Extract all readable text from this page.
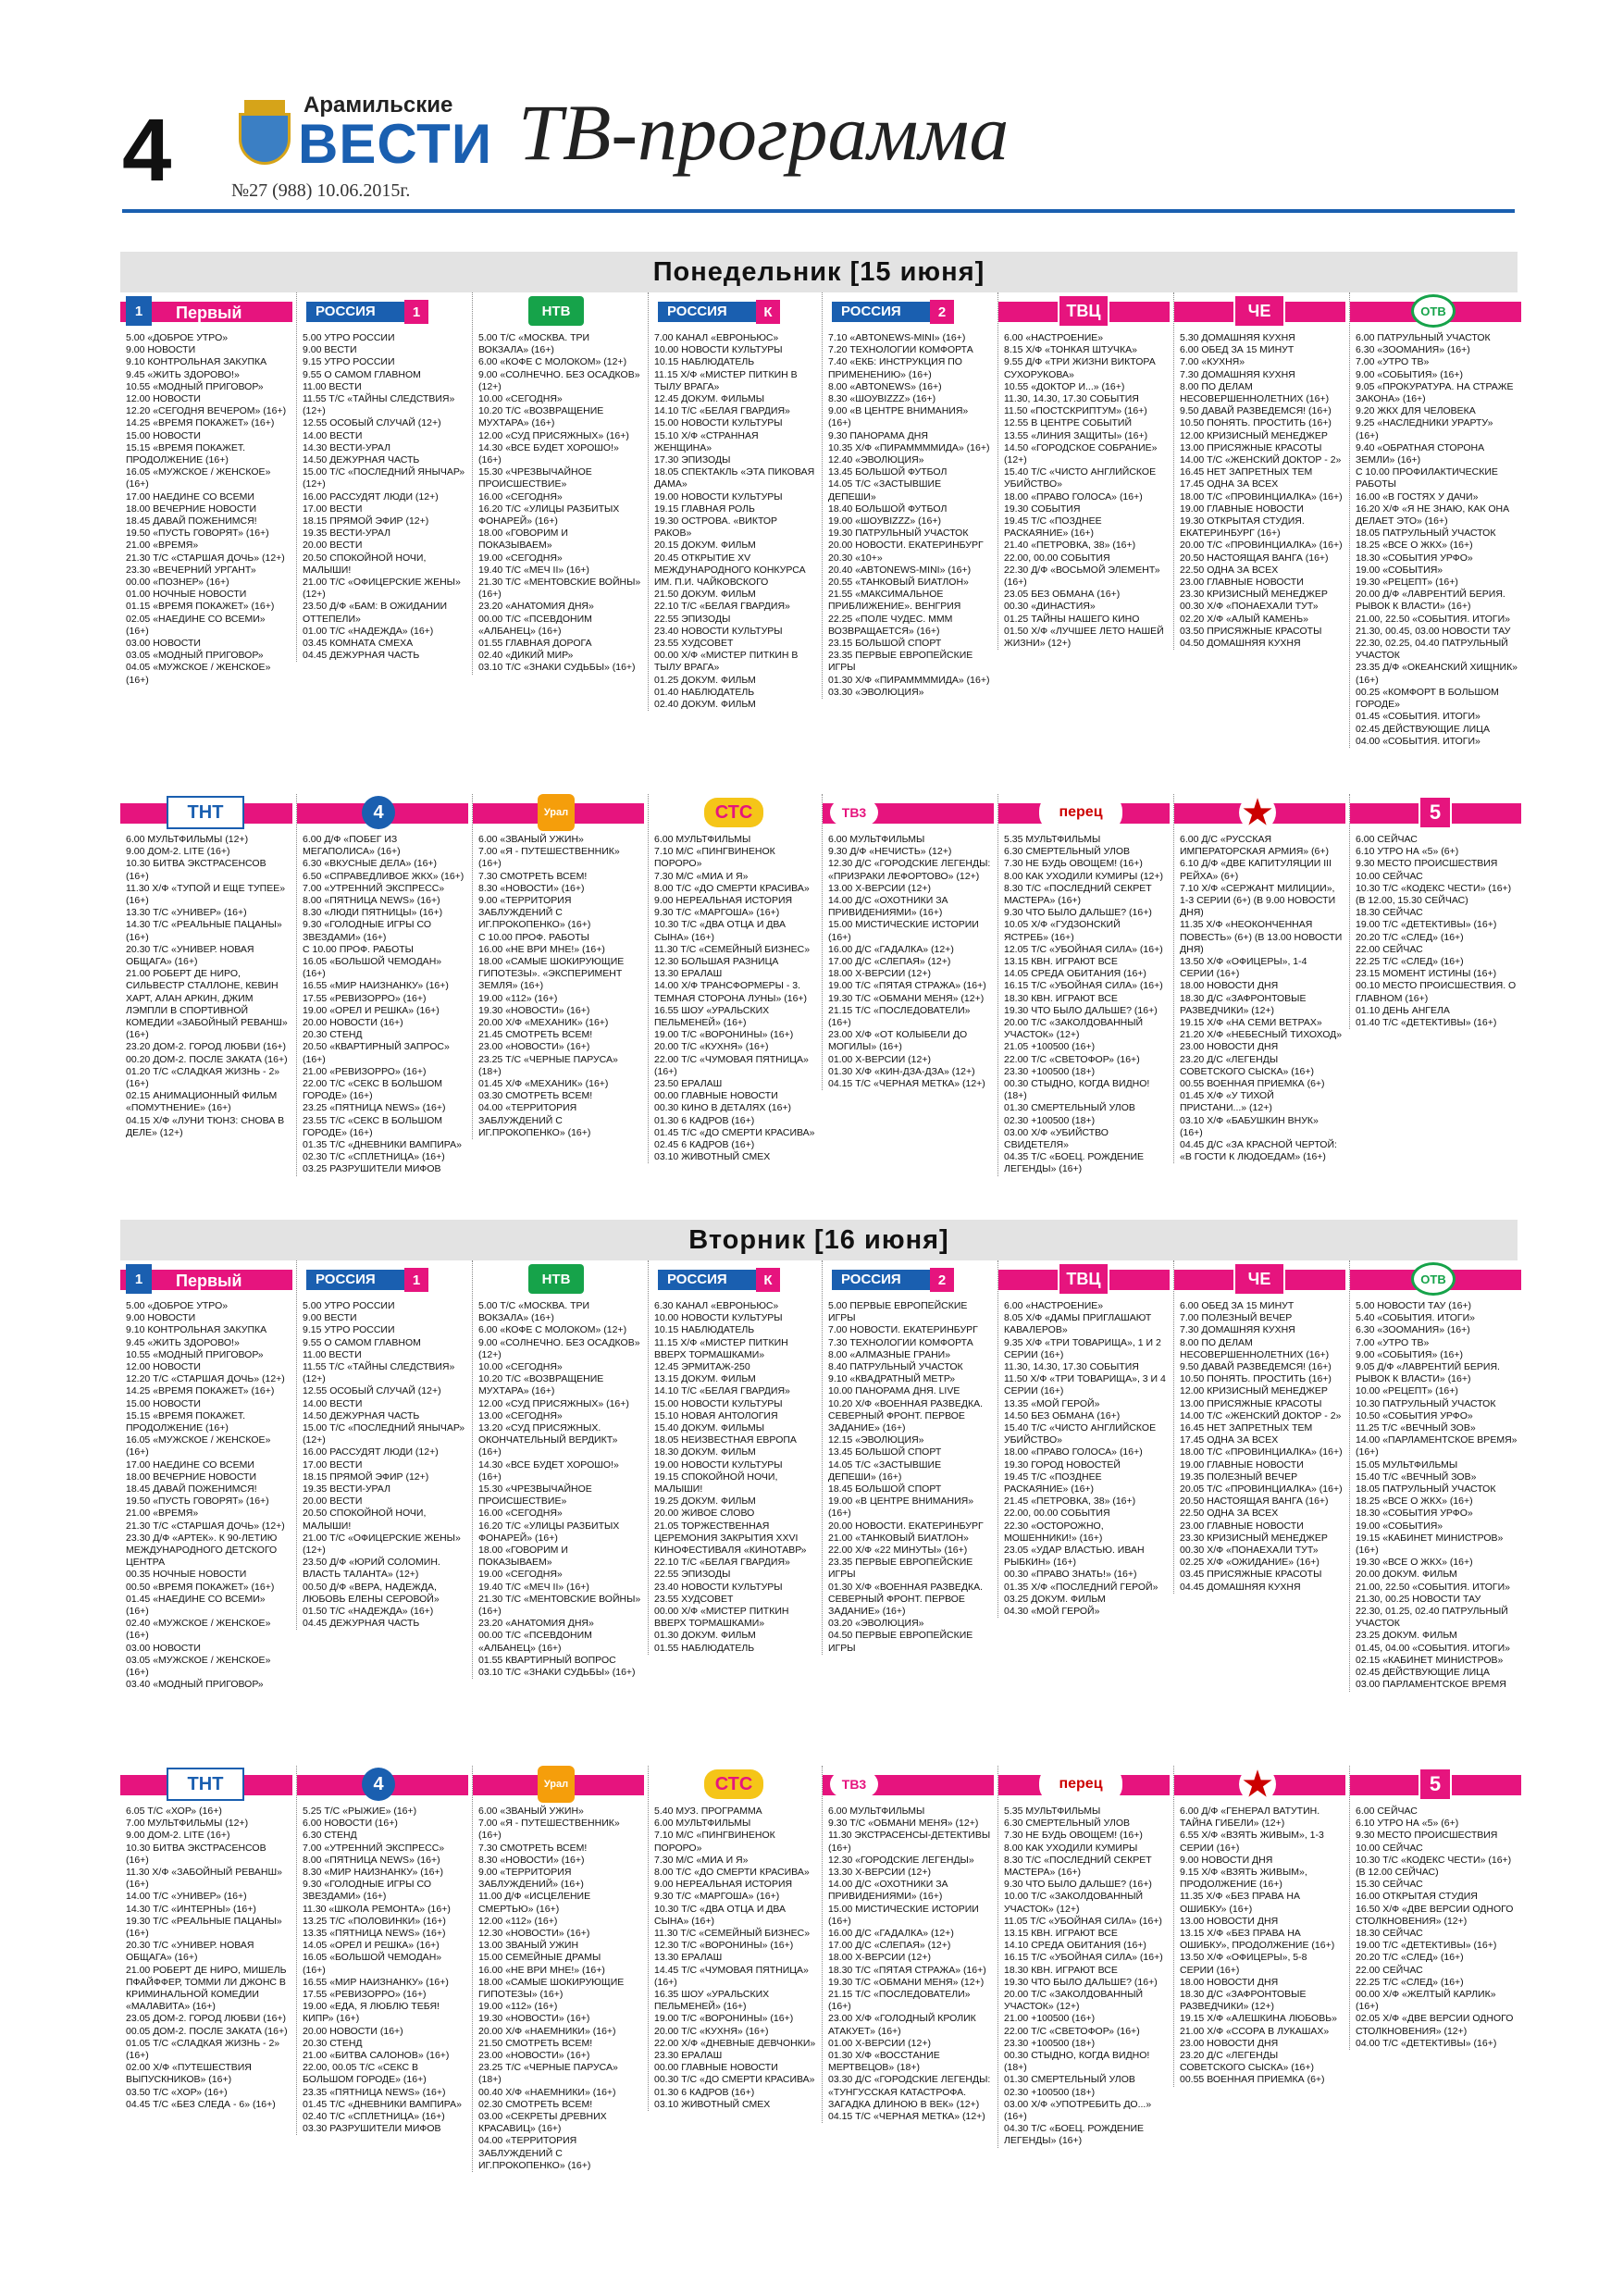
4	Арамильские
ВЕСТИ
№27 (988) 10.06.2015г.
ТВ-программа
Понедельник [15 июня]
1	Первый
5.00 «ДОБРОЕ УТРО»
9.00 НОВОСТИ
9.10 КОНТРОЛЬНАЯ ЗАКУПКА
9.45 «ЖИТЬ ЗДОРОВО!»
10.55 «МОДНЫЙ ПРИГОВОР»
12.00 НОВОСТИ
12.20 «СЕГОДНЯ ВЕЧЕРОМ» (16+)
14.25 «ВРЕМЯ ПОКАЖЕТ» (16+)
15.00 НОВОСТИ
15.15 «ВРЕМЯ ПОКАЖЕТ. ПРОДОЛЖЕНИЕ (16+)
16.05 «МУЖСКОЕ / ЖЕНСКОЕ» (16+)
17.00 НАЕДИНЕ СО ВСЕМИ
18.00 ВЕЧЕРНИЕ НОВОСТИ
18.45 ДАВАЙ ПОЖЕНИМСЯ!
19.50 «ПУСТЬ ГОВОРЯТ» (16+)
21.00 «ВРЕМЯ»
21.30 Т/С «СТАРШАЯ ДОЧЬ» (12+)
23.30 «ВЕЧЕРНИЙ УРГАНТ»
00.00 «ПОЗНЕР» (16+)
01.00 НОЧНЫЕ НОВОСТИ
01.15 «ВРЕМЯ ПОКАЖЕТ» (16+)
02.05 «НАЕДИНЕ СО ВСЕМИ» (16+)
03.00 НОВОСТИ
03.05 «МОДНЫЙ ПРИГОВОР»
04.05 «МУЖСКОЕ / ЖЕНСКОЕ» (16+)
1
РОССИЯ
5.00 УТРО РОССИИ
9.00 ВЕСТИ
9.15 УТРО РОССИИ
9.55 О САМОМ ГЛАВНОМ
11.00 ВЕСТИ
11.55 Т/С «ТАЙНЫ СЛЕДСТВИЯ» (12+)
12.55 ОСОБЫЙ СЛУЧАЙ (12+)
14.00 ВЕСТИ
14.30 ВЕСТИ-УРАЛ
14.50 ДЕЖУРНАЯ ЧАСТЬ
15.00 Т/С «ПОСЛЕДНИЙ ЯНЫЧАР» (12+)
16.00 РАССУДЯТ ЛЮДИ (12+)
17.00 ВЕСТИ
18.15 ПРЯМОЙ ЭФИР (12+)
19.35 ВЕСТИ-УРАЛ
20.00 ВЕСТИ
20.50 СПОКОЙНОЙ НОЧИ, МАЛЫШИ!
21.00 Т/С «ОФИЦЕРСКИЕ ЖЕНЫ» (12+)
23.50 Д/Ф «БАМ: В ОЖИДАНИИ ОТТЕПЕЛИ»
01.00 Т/С «НАДЕЖДА» (16+)
03.45 КОМНАТА СМЕХА
04.45 ДЕЖУРНАЯ ЧАСТЬ
НТВ
5.00 Т/С «МОСКВА. ТРИ ВОКЗАЛА» (16+)
6.00 «КОФЕ С МОЛОКОМ» (12+)
9.00 «СОЛНЕЧНО. БЕЗ ОСАДКОВ» (12+)
10.00 «СЕГОДНЯ»
10.20 Т/С «ВОЗВРАЩЕНИЕ МУХТАРА» (16+)
12.00 «СУД ПРИСЯЖНЫХ» (16+)
14.30 «ВСЕ БУДЕТ ХОРОШО!» (16+)
15.30 «ЧРЕЗВЫЧАЙНОЕ ПРОИСШЕСТВИЕ»
16.00 «СЕГОДНЯ»
16.20 Т/С «УЛИЦЫ РАЗБИТЫХ ФОНАРЕЙ» (16+)
18.00 «ГОВОРИМ И ПОКАЗЫВАЕМ»
19.00 «СЕГОДНЯ»
19.40 Т/С «МЕЧ II» (16+)
21.30 Т/С «МЕНТОВСКИЕ ВОЙНЫ» (16+)
23.20 «АНАТОМИЯ ДНЯ»
00.00 Т/С «ПСЕВДОНИМ «АЛБАНЕЦ» (16+)
01.55 ГЛАВНАЯ ДОРОГА
02.40 «ДИКИЙ МИР»
03.10 Т/С «ЗНАКИ СУДЬБЫ» (16+)
К
РОССИЯ
7.00 КАНАЛ «ЕВРОНЬЮС»
10.00 НОВОСТИ КУЛЬТУРЫ
10.15 НАБЛЮДАТЕЛЬ
11.15 Х/Ф «МИСТЕР ПИТКИН В ТЫЛУ ВРАГА»
12.45 ДОКУМ. ФИЛЬМЫ
14.10 Т/С «БЕЛАЯ ГВАРДИЯ»
15.00 НОВОСТИ КУЛЬТУРЫ
15.10 Х/Ф «СТРАННАЯ ЖЕНЩИНА»
17.30 ЭПИЗОДЫ
18.05 СПЕКТАКЛЬ «ЭТА ПИКОВАЯ ДАМА»
19.00 НОВОСТИ КУЛЬТУРЫ
19.15 ГЛАВНАЯ РОЛЬ
19.30 ОСТРОВА. «ВИКТОР РАКОВ»
20.15 ДОКУМ. ФИЛЬМ
20.45 ОТКРЫТИЕ XV МЕЖДУНАРОДНОГО КОНКУРСА ИМ. П.И. ЧАЙКОВСКОГО
21.50 ДОКУМ. ФИЛЬМ
22.10 Т/С «БЕЛАЯ ГВАРДИЯ»
22.55 ЭПИЗОДЫ
23.40 НОВОСТИ КУЛЬТУРЫ
23.55 ХУДСОВЕТ
00.00 Х/Ф «МИСТЕР ПИТКИН В ТЫЛУ ВРАГА»
01.25 ДОКУМ. ФИЛЬМ
01.40 НАБЛЮДАТЕЛЬ
02.40 ДОКУМ. ФИЛЬМ
2
РОССИЯ
7.10 «ABTONEWS-MINI» (16+)
7.20 ТЕХНОЛОГИИ КОМФОРТА
7.40 «ЕКБ: ИНСТРУКЦИЯ ПО ПРИМЕНЕНИЮ» (16+)
8.00 «ABTONEWS» (16+)
8.30 «ШОУBIZZZ» (16+)
9.00 «В ЦЕНТРЕ ВНИМАНИЯ» (16+)
9.30 ПАНОРАМА ДНЯ
10.35 Х/Ф «ПИРАММММИДА» (16+)
12.40 «ЭВОЛЮЦИЯ»
13.45 БОЛЬШОЙ ФУТБОЛ
14.05 Т/С «ЗАСТЫВШИЕ ДЕПЕШИ»
18.40 БОЛЬШОЙ ФУТБОЛ
19.00 «ШОУBIZZZ» (16+)
19.30 ПАТРУЛЬНЫЙ УЧАСТОК
20.00 НОВОСТИ. ЕКАТЕРИНБУРГ
20.30 «10+»
20.40 «ABTONEWS-MINI» (16+)
20.55 «ТАНКОВЫЙ БИАТЛОН»
21.55 «МАКСИМАЛЬНОЕ ПРИБЛИЖЕНИЕ». ВЕНГРИЯ
22.25 «ПОЛЕ ЧУДЕС. МММ ВОЗВРАЩАЕТСЯ» (16+)
23.15 БОЛЬШОЙ СПОРТ
23.35 ПЕРВЫЕ ЕВРОПЕЙСКИЕ ИГРЫ
01.30 Х/Ф «ПИРАММММИДА» (16+)
03.30 «ЭВОЛЮЦИЯ»
ТВЦ
6.00 «НАСТРОЕНИЕ»
8.15 Х/Ф «ТОНКАЯ ШТУЧКА»
9.55 Д/Ф «ТРИ ЖИЗНИ ВИКТОРА СУХОРУКОВА»
10.55 «ДОКТОР И...» (16+)
11.30, 14.30, 17.30 СОБЫТИЯ
11.50 «ПОСТСКРИПТУМ» (16+)
12.55 В ЦЕНТРЕ СОБЫТИЙ
13.55 «ЛИНИЯ ЗАЩИТЫ» (16+)
14.50 «ГОРОДСКОЕ СОБРАНИЕ» (12+)
15.40 Т/С «ЧИСТО АНГЛИЙСКОЕ УБИЙСТВО»
18.00 «ПРАВО ГОЛОСА» (16+)
19.30 СОБЫТИЯ
19.45 Т/С «ПОЗДНЕЕ РАСКАЯНИЕ» (16+)
21.40 «ПЕТРОВКА, 38» (16+)
22.00, 00.00 СОБЫТИЯ
22.30 Д/Ф «ВОСЬМОЙ ЭЛЕМЕНТ» (16+)
23.05 БЕЗ ОБМАНА (16+)
00.30 «ДИНАСТИЯ»
01.25 ТАЙНЫ НАШЕГО КИНО
01.50 Х/Ф «ЛУЧШЕЕ ЛЕТО НАШЕЙ ЖИЗНИ» (12+)
ЧЕ
5.30 ДОМАШНЯЯ КУХНЯ
6.00 ОБЕД ЗА 15 МИНУТ
7.00 «КУХНЯ»
7.30 ДОМАШНЯЯ КУХНЯ
8.00 ПО ДЕЛАМ НЕСОВЕРШЕННОЛЕТНИХ (16+)
9.50 ДАВАЙ РАЗВЕДЕМСЯ! (16+)
10.50 ПОНЯТЬ. ПРОСТИТЬ (16+)
12.00 КРИЗИСНЫЙ МЕНЕДЖЕР
13.00 ПРИСЯЖНЫЕ КРАСОТЫ
14.00 Т/С «ЖЕНСКИЙ ДОКТОР - 2»
16.45 НЕТ ЗАПРЕТНЫХ ТЕМ
17.45 ОДНА ЗА ВСЕХ
18.00 Т/С «ПРОВИНЦИАЛКА» (16+)
19.00 ГЛАВНЫЕ НОВОСТИ
19.30 ОТКРЫТАЯ СТУДИЯ. ЕКАТЕРИНБУРГ (16+)
20.00 Т/С «ПРОВИНЦИАЛКА» (16+)
20.50 НАСТОЯЩАЯ ВАНГА (16+)
22.50 ОДНА ЗА ВСЕХ
23.00 ГЛАВНЫЕ НОВОСТИ
23.30 КРИЗИСНЫЙ МЕНЕДЖЕР
00.30 Х/Ф «ПОНАЕХАЛИ ТУТ»
02.20 Х/Ф «АЛЫЙ КАМЕНЬ»
03.50 ПРИСЯЖНЫЕ КРАСОТЫ
04.50 ДОМАШНЯЯ КУХНЯ
ОТВ
6.00 ПАТРУЛЬНЫЙ УЧАСТОК
6.30 «ЗООМАНИЯ» (16+)
7.00 «УТРО ТВ»
9.00 «СОБЫТИЯ» (16+)
9.05 «ПРОКУРАТУРА. НА СТРАЖЕ ЗАКОНА» (16+)
9.20 ЖКХ ДЛЯ ЧЕЛОВЕКА
9.25 «НАСЛЕДНИКИ УРАРТУ» (16+)
9.40 «ОБРАТНАЯ СТОРОНА ЗЕМЛИ» (16+)
С 10.00 ПРОФИЛАКТИЧЕСКИЕ РАБОТЫ
16.00 «В ГОСТЯХ У ДАЧИ»
16.20 Х/Ф «Я НЕ ЗНАЮ, КАК ОНА ДЕЛАЕТ ЭТО» (16+)
18.05 ПАТРУЛЬНЫЙ УЧАСТОК
18.25 «ВСЕ О ЖКХ» (16+)
18.30 «СОБЫТИЯ УРФО»
19.00 «СОБЫТИЯ»
19.30 «РЕЦЕПТ» (16+)
20.00 Д/Ф «ЛАВРЕНТИЙ БЕРИЯ. РЫВОК К ВЛАСТИ» (16+)
21.00, 22.50 «СОБЫТИЯ. ИТОГИ»
21.30, 00.45, 03.00 НОВОСТИ ТАУ
22.30, 02.25, 04.40 ПАТРУЛЬНЫЙ УЧАСТОК
23.35 Д/Ф «ОКЕАНСКИЙ ХИЩНИК» (16+)
00.25 «КОМФОРТ В БОЛЬШОМ ГОРОДЕ»
01.45 «СОБЫТИЯ. ИТОГИ»
02.45 ДЕЙСТВУЮЩИЕ ЛИЦА
04.00 «СОБЫТИЯ. ИТОГИ»
ТНТ
6.00 МУЛЬТФИЛЬМЫ (12+)
9.00 ДОМ-2. LITE (16+)
10.30 БИТВА ЭКСТРАСЕНСОВ (16+)
11.30 Х/Ф «ТУПОЙ И ЕЩЕ ТУПЕЕ» (16+)
13.30 Т/С «УНИВЕР» (16+)
14.30 Т/С «РЕАЛЬНЫЕ ПАЦАНЫ» (16+)
20.30 Т/С «УНИВЕР. НОВАЯ ОБЩАГА» (16+)
21.00 РОБЕРТ ДЕ НИРО, СИЛЬВЕСТР СТАЛЛОНЕ, КЕВИН ХАРТ, АЛАН АРКИН, ДЖИМ ЛЭМПЛИ В СПОРТИВНОЙ КОМЕДИИ «ЗАБОЙНЫЙ РЕВАНШ» (16+)
23.20 ДОМ-2. ГОРОД ЛЮБВИ (16+)
00.20 ДОМ-2. ПОСЛЕ ЗАКАТА (16+)
01.20 Т/С «СЛАДКАЯ ЖИЗНЬ - 2» (16+)
02.15 АНИМАЦИОННЫЙ ФИЛЬМ «ПОМУТНЕНИЕ» (16+)
04.15 Х/Ф «ЛУНИ ТЮНЗ: СНОВА В ДЕЛЕ» (12+)
4
6.00 Д/Ф «ПОБЕГ ИЗ МЕГАПОЛИСА» (16+)
6.30 «ВКУСНЫЕ ДЕЛА» (16+)
6.50 «СПРАВЕДЛИВОЕ ЖКХ» (16+)
7.00 «УТРЕННИЙ ЭКСПРЕСС»
8.00 «ПЯТНИЦА NEWS» (16+)
8.30 «ЛЮДИ ПЯТНИЦЫ» (16+)
9.30 «ГОЛОДНЫЕ ИГРЫ СО ЗВЕЗДАМИ» (16+)
С 10.00 ПРОФ. РАБОТЫ
16.05 «БОЛЬШОЙ ЧЕМОДАН» (16+)
16.55 «МИР НАИЗНАНКУ» (16+)
17.55 «РЕВИЗОРРО» (16+)
19.00 «ОРЕЛ И РЕШКА» (16+)
20.00 НОВОСТИ (16+)
20.30 СТЕНД
20.50 «КВАРТИРНЫЙ ЗАПРОС» (16+)
21.00 «РЕВИЗОРРО» (16+)
22.00 Т/С «СЕКС В БОЛЬШОМ ГОРОДЕ» (16+)
23.25 «ПЯТНИЦА NEWS» (16+)
23.55 Т/С «СЕКС В БОЛЬШОМ ГОРОДЕ» (16+)
01.35 Т/С «ДНЕВНИКИ ВАМПИРА»
02.30 Т/С «СПЛЕТНИЦА» (16+)
03.25 РАЗРУШИТЕЛИ МИФОВ
Урал
6.00 «ЗВАНЫЙ УЖИН»
7.00 «Я - ПУТЕШЕСТВЕННИК» (16+)
7.30 СМОТРЕТЬ ВСЕМ!
8.30 «НОВОСТИ» (16+)
9.00 «ТЕРРИТОРИЯ ЗАБЛУЖДЕНИЙ С ИГ.ПРОКОПЕНКО» (16+)
С 10.00 ПРОФ. РАБОТЫ
16.00 «НЕ ВРИ МНЕ!» (16+)
18.00 «САМЫЕ ШОКИРУЮЩИЕ ГИПОТЕЗЫ». «ЭКСПЕРИМЕНТ ЗЕМЛЯ» (16+)
19.00 «112» (16+)
19.30 «НОВОСТИ» (16+)
20.00 Х/Ф «МЕХАНИК» (16+)
21.45 СМОТРЕТЬ ВСЕМ!
23.00 «НОВОСТИ» (16+)
23.25 Т/С «ЧЕРНЫЕ ПАРУСА» (18+)
01.45 Х/Ф «МЕХАНИК» (16+)
03.30 СМОТРЕТЬ ВСЕМ!
04.00 «ТЕРРИТОРИЯ ЗАБЛУЖДЕНИЙ С ИГ.ПРОКОПЕНКО» (16+)
СТС
6.00 МУЛЬТФИЛЬМЫ
7.10 М/С «ПИНГВИНЕНОК ПОРОРО»
7.30 М/С «МИА И Я»
8.00 Т/С «ДО СМЕРТИ КРАСИВА»
9.00 НЕРЕАЛЬНАЯ ИСТОРИЯ
9.30 Т/С «МАРГОША» (16+)
10.30 Т/С «ДВА ОТЦА И ДВА СЫНА» (16+)
11.30 Т/С «СЕМЕЙНЫЙ БИЗНЕС»
12.30 БОЛЬШАЯ РАЗНИЦА
13.30 ЕРАЛАШ
14.00 Х/Ф ТРАНСФОРМЕРЫ - 3. ТЕМНАЯ СТОРОНА ЛУНЫ» (16+)
16.55 ШОУ «УРАЛЬСКИХ ПЕЛЬМЕНЕЙ» (16+)
19.00 Т/С «ВОРОНИНЫ» (16+)
20.00 Т/С «КУХНЯ» (16+)
22.00 Т/С «ЧУМОВАЯ ПЯТНИЦА» (16+)
23.50 ЕРАЛАШ
00.00 ГЛАВНЫЕ НОВОСТИ
00.30 КИНО В ДЕТАЛЯХ (16+)
01.30 6 КАДРОВ (16+)
01.45 Т/С «ДО СМЕРТИ КРАСИВА»
02.45 6 КАДРОВ (16+)
03.10 ЖИВОТНЫЙ СМЕХ
ТВ3
6.00 МУЛЬТФИЛЬМЫ
9.30 Д/Ф «НЕЧИСТЬ» (12+)
12.30 Д/С «ГОРОДСКИЕ ЛЕГЕНДЫ: «ПРИЗРАКИ ЛЕФОРТОВО» (12+)
13.00 Х-ВЕРСИИ (12+)
14.00 Д/С «ОХОТНИКИ ЗА ПРИВИДЕНИЯМИ» (16+)
15.00 МИСТИЧЕСКИЕ ИСТОРИИ (16+)
16.00 Д/С «ГАДАЛКА» (12+)
17.00 Д/С «СЛЕПАЯ» (12+)
18.00 Х-ВЕРСИИ (12+)
19.00 Т/С «ПЯТАЯ СТРАЖА» (16+)
19.30 Т/С «ОБМАНИ МЕНЯ» (12+)
21.15 Т/С «ПОСЛЕДОВАТЕЛИ» (16+)
23.00 Х/Ф «ОТ КОЛЫБЕЛИ ДО МОГИЛЫ» (16+)
01.00 Х-ВЕРСИИ (12+)
01.30 Х/Ф «КИН-ДЗА-ДЗА» (12+)
04.15 Т/С «ЧЕРНАЯ МЕТКА» (12+)
перец
5.35 МУЛЬТФИЛЬМЫ
6.30 СМЕРТЕЛЬНЫЙ УЛОВ
7.30 НЕ БУДЬ ОВОЩЕМ! (16+)
8.00 КАК УХОДИЛИ КУМИРЫ (12+)
8.30 Т/С «ПОСЛЕДНИЙ СЕКРЕТ МАСТЕРА» (16+)
9.30 ЧТО БЫЛО ДАЛЬШЕ? (16+)
10.05 Х/Ф «ГУДЗОНСКИЙ ЯСТРЕБ» (16+)
12.05 Т/С «УБОЙНАЯ СИЛА» (16+)
13.15 КВН. ИГРАЮТ ВСЕ
14.05 СРЕДА ОБИТАНИЯ (16+)
16.15 Т/С «УБОЙНАЯ СИЛА» (16+)
18.30 КВН. ИГРАЮТ ВСЕ
19.30 ЧТО БЫЛО ДАЛЬШЕ? (16+)
20.00 Т/С «ЗАКОЛДОВАННЫЙ УЧАСТОК» (12+)
21.05 +100500 (16+)
22.00 Т/С «СВЕТОФОР» (16+)
23.30 +100500 (18+)
00.30 СТЫДНО, КОГДА ВИДНО! (18+)
01.30 СМЕРТЕЛЬНЫЙ УЛОВ
02.30 +100500 (18+)
03.00 Х/Ф «УБИЙСТВО СВИДЕТЕЛЯ»
04.35 Т/С «БОЕЦ. РОЖДЕНИЕ ЛЕГЕНДЫ» (16+)
★
6.00 Д/С «РУССКАЯ ИМПЕРАТОРСКАЯ АРМИЯ» (6+)
6.10 Д/Ф «ДВЕ КАПИТУЛЯЦИИ III РЕЙХА» (6+)
7.10 Х/Ф «СЕРЖАНТ МИЛИЦИИ», 1-3 СЕРИИ (6+) (В 9.00 НОВОСТИ ДНЯ)
11.35 Х/Ф «НЕОКОНЧЕННАЯ ПОВЕСТЬ» (6+) (В 13.00 НОВОСТИ ДНЯ)
13.50 Х/Ф «ОФИЦЕРЫ», 1-4 СЕРИИ (16+)
18.00 НОВОСТИ ДНЯ
18.30 Д/С «ЗАФРОНТОВЫЕ РАЗВЕДЧИКИ» (12+)
19.15 Х/Ф «НА СЕМИ ВЕТРАХ»
21.20 Х/Ф «НЕБЕСНЫЙ ТИХОХОД»
23.00 НОВОСТИ ДНЯ
23.20 Д/С «ЛЕГЕНДЫ СОВЕТСКОГО СЫСКА» (16+)
00.55 ВОЕННАЯ ПРИЕМКА (6+)
01.45 Х/Ф «У ТИХОЙ ПРИСТАНИ...» (12+)
03.10 Х/Ф «БАБУШКИН ВНУК» (16+)
04.45 Д/С «ЗА КРАСНОЙ ЧЕРТОЙ: «В ГОСТИ К ЛЮДОЕДАМ» (16+)
5
6.00 СЕЙЧАС
6.10 УТРО НА «5» (6+)
9.30 МЕСТО ПРОИСШЕСТВИЯ
10.00 СЕЙЧАС
10.30 Т/С «КОДЕКС ЧЕСТИ» (16+) (В 12.00, 15.30 СЕЙЧАС)
18.30 СЕЙЧАС
19.00 Т/С «ДЕТЕКТИВЫ» (16+)
20.20 Т/С «СЛЕД» (16+)
22.00 СЕЙЧАС
22.25 Т/С «СЛЕД» (16+)
23.15 МОМЕНТ ИСТИНЫ (16+)
00.10 МЕСТО ПРОИСШЕСТВИЯ. О ГЛАВНОМ (16+)
01.10 ДЕНЬ АНГЕЛА
01.40 Т/С «ДЕТЕКТИВЫ» (16+)
Вторник [16 июня]
1	Первый
5.00 «ДОБРОЕ УТРО»
9.00 НОВОСТИ
9.10 КОНТРОЛЬНАЯ ЗАКУПКА
9.45 «ЖИТЬ ЗДОРОВО!»
10.55 «МОДНЫЙ ПРИГОВОР»
12.00 НОВОСТИ
12.20 Т/С «СТАРШАЯ ДОЧЬ» (12+)
14.25 «ВРЕМЯ ПОКАЖЕТ» (16+)
15.00 НОВОСТИ
15.15 «ВРЕМЯ ПОКАЖЕТ. ПРОДОЛЖЕНИЕ (16+)
16.05 «МУЖСКОЕ / ЖЕНСКОЕ» (16+)
17.00 НАЕДИНЕ СО ВСЕМИ
18.00 ВЕЧЕРНИЕ НОВОСТИ
18.45 ДАВАЙ ПОЖЕНИМСЯ!
19.50 «ПУСТЬ ГОВОРЯТ» (16+)
21.00 «ВРЕМЯ»
21.30 Т/С «СТАРШАЯ ДОЧЬ» (12+)
23.30 Д/Ф «АРТЕК». К 90-ЛЕТИЮ МЕЖДУНАРОДНОГО ДЕТСКОГО ЦЕНТРА
00.35 НОЧНЫЕ НОВОСТИ
00.50 «ВРЕМЯ ПОКАЖЕТ» (16+)
01.45 «НАЕДИНЕ СО ВСЕМИ» (16+)
02.40 «МУЖСКОЕ / ЖЕНСКОЕ» (16+)
03.00 НОВОСТИ
03.05 «МУЖСКОЕ / ЖЕНСКОЕ» (16+)
03.40 «МОДНЫЙ ПРИГОВОР»
1
РОССИЯ
5.00 УТРО РОССИИ
9.00 ВЕСТИ
9.15 УТРО РОССИИ
9.55 О САМОМ ГЛАВНОМ
11.00 ВЕСТИ
11.55 Т/С «ТАЙНЫ СЛЕДСТВИЯ» (12+)
12.55 ОСОБЫЙ СЛУЧАЙ (12+)
14.00 ВЕСТИ
14.50 ДЕЖУРНАЯ ЧАСТЬ
15.00 Т/С «ПОСЛЕДНИЙ ЯНЫЧАР» (12+)
16.00 РАССУДЯТ ЛЮДИ (12+)
17.00 ВЕСТИ
18.15 ПРЯМОЙ ЭФИР (12+)
19.35 ВЕСТИ-УРАЛ
20.00 ВЕСТИ
20.50 СПОКОЙНОЙ НОЧИ, МАЛЫШИ!
21.00 Т/С «ОФИЦЕРСКИЕ ЖЕНЫ» (12+)
23.50 Д/Ф «ЮРИЙ СОЛОМИН. ВЛАСТЬ ТАЛАНТА» (12+)
00.50 Д/Ф «ВЕРА, НАДЕЖДА, ЛЮБОВЬ ЕЛЕНЫ СЕРОВОЙ»
01.50 Т/С «НАДЕЖДА» (16+)
04.45 ДЕЖУРНАЯ ЧАСТЬ
НТВ
5.00 Т/С «МОСКВА. ТРИ ВОКЗАЛА» (16+)
6.00 «КОФЕ С МОЛОКОМ» (12+)
9.00 «СОЛНЕЧНО. БЕЗ ОСАДКОВ» (12+)
10.00 «СЕГОДНЯ»
10.20 Т/С «ВОЗВРАЩЕНИЕ МУХТАРА» (16+)
12.00 «СУД ПРИСЯЖНЫХ» (16+)
13.00 «СЕГОДНЯ»
13.20 «СУД ПРИСЯЖНЫХ. ОКОНЧАТЕЛЬНЫЙ ВЕРДИКТ» (16+)
14.30 «ВСЕ БУДЕТ ХОРОШО!» (16+)
15.30 «ЧРЕЗВЫЧАЙНОЕ ПРОИСШЕСТВИЕ»
16.00 «СЕГОДНЯ»
16.20 Т/С «УЛИЦЫ РАЗБИТЫХ ФОНАРЕЙ» (16+)
18.00 «ГОВОРИМ И ПОКАЗЫВАЕМ»
19.00 «СЕГОДНЯ»
19.40 Т/С «МЕЧ II» (16+)
21.30 Т/С «МЕНТОВСКИЕ ВОЙНЫ» (16+)
23.20 «АНАТОМИЯ ДНЯ»
00.00 Т/С «ПСЕВДОНИМ «АЛБАНЕЦ» (16+)
01.55 КВАРТИРНЫЙ ВОПРОС
03.10 Т/С «ЗНАКИ СУДЬБЫ» (16+)
К
РОССИЯ
6.30 КАНАЛ «ЕВРОНЬЮС»
10.00 НОВОСТИ КУЛЬТУРЫ
10.15 НАБЛЮДАТЕЛЬ
11.15 Х/Ф «МИСТЕР ПИТКИН ВВЕРХ ТОРМАШКАМИ»
12.45 ЭРМИТАЖ-250
13.15 ДОКУМ. ФИЛЬМ
14.10 Т/С «БЕЛАЯ ГВАРДИЯ»
15.00 НОВОСТИ КУЛЬТУРЫ
15.10 НОВАЯ АНТОЛОГИЯ
15.40 ДОКУМ. ФИЛЬМЫ
18.05 НЕИЗВЕСТНАЯ ЕВРОПА
18.30 ДОКУМ. ФИЛЬМ
19.00 НОВОСТИ КУЛЬТУРЫ
19.15 СПОКОЙНОЙ НОЧИ, МАЛЫШИ!
19.25 ДОКУМ. ФИЛЬМ
20.00 ЖИВОЕ СЛОВО
21.05 ТОРЖЕСТВЕННАЯ ЦЕРЕМОНИЯ ЗАКРЫТИЯ XXVI КИНОФЕСТИВАЛЯ «КИНОТАВР»
22.10 Т/С «БЕЛАЯ ГВАРДИЯ»
22.55 ЭПИЗОДЫ
23.40 НОВОСТИ КУЛЬТУРЫ
23.55 ХУДСОВЕТ
00.00 Х/Ф «МИСТЕР ПИТКИН ВВЕРХ ТОРМАШКАМИ»
01.30 ДОКУМ. ФИЛЬМ
01.55 НАБЛЮДАТЕЛЬ
2
РОССИЯ
5.00 ПЕРВЫЕ ЕВРОПЕЙСКИЕ ИГРЫ
7.00 НОВОСТИ. ЕКАТЕРИНБУРГ
7.30 ТЕХНОЛОГИИ КОМФОРТА
8.00 «АЛМАЗНЫЕ ГРАНИ»
8.40 ПАТРУЛЬНЫЙ УЧАСТОК
9.10 «КВАДРАТНЫЙ МЕТР»
10.00 ПАНОРАМА ДНЯ. LIVE
10.20 Х/Ф «ВОЕННАЯ РАЗВЕДКА. СЕВЕРНЫЙ ФРОНТ. ПЕРВОЕ ЗАДАНИЕ» (16+)
12.15 «ЭВОЛЮЦИЯ»
13.45 БОЛЬШОЙ СПОРТ
14.05 Т/С «ЗАСТЫВШИЕ ДЕПЕШИ» (16+)
18.45 БОЛЬШОЙ СПОРТ
19.00 «В ЦЕНТРЕ ВНИМАНИЯ» (16+)
20.00 НОВОСТИ. ЕКАТЕРИНБУРГ
21.00 «ТАНКОВЫЙ БИАТЛОН»
22.00 Х/Ф «22 МИНУТЫ» (16+)
23.35 ПЕРВЫЕ ЕВРОПЕЙСКИЕ ИГРЫ
01.30 Х/Ф «ВОЕННАЯ РАЗВЕДКА. СЕВЕРНЫЙ ФРОНТ. ПЕРВОЕ ЗАДАНИЕ» (16+)
03.20 «ЭВОЛЮЦИЯ»
04.50 ПЕРВЫЕ ЕВРОПЕЙСКИЕ ИГРЫ
ТВЦ
6.00 «НАСТРОЕНИЕ»
8.05 Х/Ф «ДАМЫ ПРИГЛАШАЮТ КАВАЛЕРОВ»
9.35 Х/Ф «ТРИ ТОВАРИЩА», 1 И 2 СЕРИИ (16+)
11.30, 14.30, 17.30 СОБЫТИЯ
11.50 Х/Ф «ТРИ ТОВАРИЩА», 3 И 4 СЕРИИ (16+)
13.35 «МОЙ ГЕРОЙ»
14.50 БЕЗ ОБМАНА (16+)
15.40 Т/С «ЧИСТО АНГЛИЙСКОЕ УБИЙСТВО»
18.00 «ПРАВО ГОЛОСА» (16+)
19.30 ГОРОД НОВОСТЕЙ
19.45 Т/С «ПОЗДНЕЕ РАСКАЯНИЕ» (16+)
21.45 «ПЕТРОВКА, 38» (16+)
22.00, 00.00 СОБЫТИЯ
22.30 «ОСТОРОЖНО, МОШЕННИКИ!» (16+)
23.05 «УДАР ВЛАСТЬЮ. ИВАН РЫБКИН» (16+)
00.30 «ПРАВО ЗНАТЬ!» (16+)
01.35 Х/Ф «ПОСЛЕДНИЙ ГЕРОЙ»
03.25 ДОКУМ. ФИЛЬМ
04.30 «МОЙ ГЕРОЙ»
ЧЕ
6.00 ОБЕД ЗА 15 МИНУТ
7.00 ПОЛЕЗНЫЙ ВЕЧЕР
7.30 ДОМАШНЯЯ КУХНЯ
8.00 ПО ДЕЛАМ НЕСОВЕРШЕННОЛЕТНИХ (16+)
9.50 ДАВАЙ РАЗВЕДЕМСЯ! (16+)
10.50 ПОНЯТЬ. ПРОСТИТЬ (16+)
12.00 КРИЗИСНЫЙ МЕНЕДЖЕР
13.00 ПРИСЯЖНЫЕ КРАСОТЫ
14.00 Т/С «ЖЕНСКИЙ ДОКТОР - 2»
16.45 НЕТ ЗАПРЕТНЫХ ТЕМ
17.45 ОДНА ЗА ВСЕХ
18.00 Т/С «ПРОВИНЦИАЛКА» (16+)
19.00 ГЛАВНЫЕ НОВОСТИ
19.35 ПОЛЕЗНЫЙ ВЕЧЕР
20.05 Т/С «ПРОВИНЦИАЛКА» (16+)
20.50 НАСТОЯЩАЯ ВАНГА (16+)
22.50 ОДНА ЗА ВСЕХ
23.00 ГЛАВНЫЕ НОВОСТИ
23.30 КРИЗИСНЫЙ МЕНЕДЖЕР
00.30 Х/Ф «ПОНАЕХАЛИ ТУТ»
02.25 Х/Ф «ОЖИДАНИЕ» (16+)
03.45 ПРИСЯЖНЫЕ КРАСОТЫ
04.45 ДОМАШНЯЯ КУХНЯ
ОТВ
5.00 НОВОСТИ ТАУ (16+)
5.40 «СОБЫТИЯ. ИТОГИ»
6.30 «ЗООМАНИЯ» (16+)
7.00 «УТРО ТВ»
9.00 «СОБЫТИЯ» (16+)
9.05 Д/Ф «ЛАВРЕНТИЙ БЕРИЯ. РЫВОК К ВЛАСТИ» (16+)
10.00 «РЕЦЕПТ» (16+)
10.30 ПАТРУЛЬНЫЙ УЧАСТОК
10.50 «СОБЫТИЯ УРФО»
11.25 Т/С «ВЕЧНЫЙ ЗОВ»
14.00 «ПАРЛАМЕНТСКОЕ ВРЕМЯ» (16+)
15.05 МУЛЬТФИЛЬМЫ
15.40 Т/С «ВЕЧНЫЙ ЗОВ»
18.05 ПАТРУЛЬНЫЙ УЧАСТОК
18.25 «ВСЕ О ЖКХ» (16+)
18.30 «СОБЫТИЯ УРФО»
19.00 «СОБЫТИЯ»
19.15 «КАБИНЕТ МИНИСТРОВ» (16+)
19.30 «ВСЕ О ЖКХ» (16+)
20.00 ДОКУМ. ФИЛЬМ
21.00, 22.50 «СОБЫТИЯ. ИТОГИ»
21.30, 00.25 НОВОСТИ ТАУ
22.30, 01.25, 02.40 ПАТРУЛЬНЫЙ УЧАСТОК
23.25 ДОКУМ. ФИЛЬМ
01.45, 04.00 «СОБЫТИЯ. ИТОГИ»
02.15 «КАБИНЕТ МИНИСТРОВ»
02.45 ДЕЙСТВУЮЩИЕ ЛИЦА
03.00 ПАРЛАМЕНТСКОЕ ВРЕМЯ
ТНТ
6.05 Т/С «ХОР» (16+)
7.00 МУЛЬТФИЛЬМЫ (12+)
9.00 ДОМ-2. LITE (16+)
10.30 БИТВА ЭКСТРАСЕНСОВ (16+)
11.30 Х/Ф «ЗАБОЙНЫЙ РЕВАНШ» (16+)
14.00 Т/С «УНИВЕР» (16+)
14.30 Т/С «ИНТЕРНЫ» (16+)
19.30 Т/С «РЕАЛЬНЫЕ ПАЦАНЫ» (16+)
20.30 Т/С «УНИВЕР. НОВАЯ ОБЩАГА» (16+)
21.00 РОБЕРТ ДЕ НИРО, МИШЕЛЬ ПФАЙФФЕР, ТОММИ ЛИ ДЖОНС В КРИМИНАЛЬНОЙ КОМЕДИИ «МАЛАВИТА» (16+)
23.05 ДОМ-2. ГОРОД ЛЮБВИ (16+)
00.05 ДОМ-2. ПОСЛЕ ЗАКАТА (16+)
01.05 Т/С «СЛАДКАЯ ЖИЗНЬ - 2» (16+)
02.00 Х/Ф «ПУТЕШЕСТВИЯ ВЫПУСКНИКОВ» (16+)
03.50 Т/С «ХОР» (16+)
04.45 Т/С «БЕЗ СЛЕДА - 6» (16+)
4
5.25 Т/С «РЫЖИЕ» (16+)
6.00 НОВОСТИ (16+)
6.30 СТЕНД
7.00 «УТРЕННИЙ ЭКСПРЕСС»
8.00 «ПЯТНИЦА NEWS» (16+)
8.30 «МИР НАИЗНАНКУ» (16+)
9.30 «ГОЛОДНЫЕ ИГРЫ СО ЗВЕЗДАМИ» (16+)
11.30 «ШКОЛА РЕМОНТА» (16+)
13.25 Т/С «ПОЛОВИНКИ» (16+)
13.35 «ПЯТНИЦА NEWS» (16+)
14.05 «ОРЕЛ И РЕШКА» (16+)
16.05 «БОЛЬШОЙ ЧЕМОДАН» (16+)
16.55 «МИР НАИЗНАНКУ» (16+)
17.55 «РЕВИЗОРРО» (16+)
19.00 «ЕДА, Я ЛЮБЛЮ ТЕБЯ! КИПР» (16+)
20.00 НОВОСТИ (16+)
20.30 СТЕНД
21.00 «БИТВА САЛОНОВ» (16+)
22.00, 00.05 Т/С «СЕКС В БОЛЬШОМ ГОРОДЕ» (16+)
23.35 «ПЯТНИЦА NEWS» (16+)
01.45 Т/С «ДНЕВНИКИ ВАМПИРА»
02.40 Т/С «СПЛЕТНИЦА» (16+)
03.30 РАЗРУШИТЕЛИ МИФОВ
Урал
6.00 «ЗВАНЫЙ УЖИН»
7.00 «Я - ПУТЕШЕСТВЕННИК» (16+)
7.30 СМОТРЕТЬ ВСЕМ!
8.30 «НОВОСТИ» (16+)
9.00 «ТЕРРИТОРИЯ ЗАБЛУЖДЕНИЙ» (16+)
11.00 Д/Ф «ИСЦЕЛЕНИЕ СМЕРТЬЮ» (16+)
12.00 «112» (16+)
12.30 «НОВОСТИ» (16+)
13.00 ЗВАНЫЙ УЖИН
15.00 СЕМЕЙНЫЕ ДРАМЫ
16.00 «НЕ ВРИ МНЕ!» (16+)
18.00 «САМЫЕ ШОКИРУЮЩИЕ ГИПОТЕЗЫ» (16+)
19.00 «112» (16+)
19.30 «НОВОСТИ» (16+)
20.00 Х/Ф «НАЕМНИКИ» (16+)
21.50 СМОТРЕТЬ ВСЕМ!
23.00 «НОВОСТИ» (16+)
23.25 Т/С «ЧЕРНЫЕ ПАРУСА» (18+)
00.40 Х/Ф «НАЕМНИКИ» (16+)
02.30 СМОТРЕТЬ ВСЕМ!
03.00 «СЕКРЕТЫ ДРЕВНИХ КРАСАВИЦ» (16+)
04.00 «ТЕРРИТОРИЯ ЗАБЛУЖДЕНИЙ С ИГ.ПРОКОПЕНКО» (16+)
СТС
5.40 МУЗ. ПРОГРАММА
6.00 МУЛЬТФИЛЬМЫ
7.10 М/С «ПИНГВИНЕНОК ПОРОРО»
7.30 М/С «МИА И Я»
8.00 Т/С «ДО СМЕРТИ КРАСИВА»
9.00 НЕРЕАЛЬНАЯ ИСТОРИЯ
9.30 Т/С «МАРГОША» (16+)
10.30 Т/С «ДВА ОТЦА И ДВА СЫНА» (16+)
11.30 Т/С «СЕМЕЙНЫЙ БИЗНЕС»
12.30 Т/С «ВОРОНИНЫ» (16+)
13.30 ЕРАЛАШ
14.45 Т/С «ЧУМОВАЯ ПЯТНИЦА» (16+)
16.35 ШОУ «УРАЛЬСКИХ ПЕЛЬМЕНЕЙ» (16+)
19.00 Т/С «ВОРОНИНЫ» (16+)
20.00 Т/С «КУХНЯ» (16+)
22.00 Х/Ф «ДНЕВНЫЕ ДЕВЧОНКИ»
23.30 ЕРАЛАШ
00.00 ГЛАВНЫЕ НОВОСТИ
00.30 Т/С «ДО СМЕРТИ КРАСИВА»
01.30 6 КАДРОВ (16+)
03.10 ЖИВОТНЫЙ СМЕХ
ТВ3
6.00 МУЛЬТФИЛЬМЫ
9.30 Т/С «ОБМАНИ МЕНЯ» (12+)
11.30 ЭКСТРАСЕНСЫ-ДЕТЕКТИВЫ (16+)
12.30 «ГОРОДСКИЕ ЛЕГЕНДЫ»
13.30 Х-ВЕРСИИ (12+)
14.00 Д/С «ОХОТНИКИ ЗА ПРИВИДЕНИЯМИ» (16+)
15.00 МИСТИЧЕСКИЕ ИСТОРИИ (16+)
16.00 Д/С «ГАДАЛКА» (12+)
17.00 Д/С «СЛЕПАЯ» (12+)
18.00 Х-ВЕРСИИ (12+)
18.30 Т/С «ПЯТАЯ СТРАЖА» (16+)
19.30 Т/С «ОБМАНИ МЕНЯ» (12+)
21.15 Т/С «ПОСЛЕДОВАТЕЛИ» (16+)
23.00 Х/Ф «ГОЛОДНЫЙ КРОЛИК АТАКУЕТ» (16+)
01.00 Х-ВЕРСИИ (12+)
01.30 Х/Ф «ВОССТАНИЕ МЕРТВЕЦОВ» (18+)
03.30 Д/С «ГОРОДСКИЕ ЛЕГЕНДЫ: «ТУНГУССКАЯ КАТАСТРОФА. ЗАГАДКА ДЛИНОЮ В ВЕК» (12+)
04.15 Т/С «ЧЕРНАЯ МЕТКА» (12+)
перец
5.35 МУЛЬТФИЛЬМЫ
6.30 СМЕРТЕЛЬНЫЙ УЛОВ
7.30 НЕ БУДЬ ОВОЩЕМ! (16+)
8.00 КАК УХОДИЛИ КУМИРЫ
8.30 Т/С «ПОСЛЕДНИЙ СЕКРЕТ МАСТЕРА» (16+)
9.30 ЧТО БЫЛО ДАЛЬШЕ? (16+)
10.00 Т/С «ЗАКОЛДОВАННЫЙ УЧАСТОК» (12+)
11.05 Т/С «УБОЙНАЯ СИЛА» (16+)
13.15 КВН. ИГРАЮТ ВСЕ
14.10 СРЕДА ОБИТАНИЯ (16+)
16.15 Т/С «УБОЙНАЯ СИЛА» (16+)
18.30 КВН. ИГРАЮТ ВСЕ
19.30 ЧТО БЫЛО ДАЛЬШЕ? (16+)
20.00 Т/С «ЗАКОЛДОВАННЫЙ УЧАСТОК» (12+)
21.00 +100500 (16+)
22.00 Т/С «СВЕТОФОР» (16+)
23.30 +100500 (18+)
00.30 СТЫДНО, КОГДА ВИДНО! (18+)
01.30 СМЕРТЕЛЬНЫЙ УЛОВ
02.30 +100500 (18+)
03.00 Х/Ф «УПОТРЕБИТЬ ДО...» (16+)
04.30 Т/С «БОЕЦ. РОЖДЕНИЕ ЛЕГЕНДЫ» (16+)
★
6.00 Д/Ф «ГЕНЕРАЛ ВАТУТИН. ТАЙНА ГИБЕЛИ» (12+)
6.55 Х/Ф «ВЗЯТЬ ЖИВЫМ», 1-3 СЕРИИ (16+)
9.00 НОВОСТИ ДНЯ
9.15 Х/Ф «ВЗЯТЬ ЖИВЫМ», ПРОДОЛЖЕНИЕ (16+)
11.35 Х/Ф «БЕЗ ПРАВА НА ОШИБКУ» (16+)
13.00 НОВОСТИ ДНЯ
13.15 Х/Ф «БЕЗ ПРАВА НА ОШИБКУ», ПРОДОЛЖЕНИЕ (16+)
13.50 Х/Ф «ОФИЦЕРЫ», 5-8 СЕРИИ (16+)
18.00 НОВОСТИ ДНЯ
18.30 Д/С «ЗАФРОНТОВЫЕ РАЗВЕДЧИКИ» (12+)
19.15 Х/Ф «АЛЕШКИНА ЛЮБОВЬ»
21.00 Х/Ф «ССОРА В ЛУКАШАХ»
23.00 НОВОСТИ ДНЯ
23.20 Д/С «ЛЕГЕНДЫ СОВЕТСКОГО СЫСКА» (16+)
00.55 ВОЕННАЯ ПРИЕМКА (6+)
5
6.00 СЕЙЧАС
6.10 УТРО НА «5» (6+)
9.30 МЕСТО ПРОИСШЕСТВИЯ
10.00 СЕЙЧАС
10.30 Т/С «КОДЕКС ЧЕСТИ» (16+) (В 12.00 СЕЙЧАС)
15.30 СЕЙЧАС
16.00 ОТКРЫТАЯ СТУДИЯ
16.50 Х/Ф «ДВЕ ВЕРСИИ ОДНОГО СТОЛКНОВЕНИЯ» (12+)
18.30 СЕЙЧАС
19.00 Т/С «ДЕТЕКТИВЫ» (16+)
20.20 Т/С «СЛЕД» (16+)
22.00 СЕЙЧАС
22.25 Т/С «СЛЕД» (16+)
00.00 Х/Ф «ЖЕЛТЫЙ КАРЛИК» (16+)
02.05 Х/Ф «ДВЕ ВЕРСИИ ОДНОГО СТОЛКНОВЕНИЯ» (12+)
04.00 Т/С «ДЕТЕКТИВЫ» (16+)
